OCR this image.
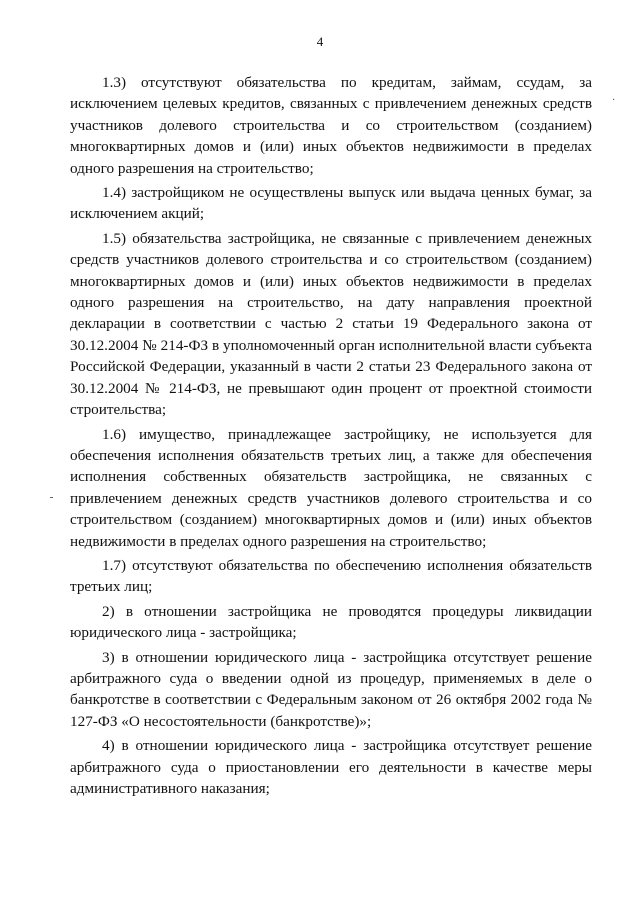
4
·

1.3) отсутствуют обязательства по кредитам, займам, ссудам, за исключением целевых кредитов, связанных с привлечением денежных средств участников долевого строительства и со строительством (созданием) многоквартирных домов и (или) иных объектов недвижимости в пределах одного разрешения на строительство;

1.4) застройщиком не осуществлены выпуск или выдача ценных бумаг, за исключением акций;

1.5) обязательства застройщика, не связанные с привлечением денежных средств участников долевого строительства и со строительством (созданием) многоквартирных домов и (или) иных объектов недвижимости в пределах одного разрешения на строительство, на дату направления проектной декларации в соответствии с частью 2 статьи 19 Федерального закона от 30.12.2004 № 214-ФЗ в уполномоченный орган исполнительной власти субъекта Российской Федерации, указанный в части 2 статьи 23 Федерального закона от 30.12.2004 № 214-ФЗ, не превышают один процент от проектной стоимости строительства;

1.6) имущество, принадлежащее застройщику, не используется для обеспечения исполнения обязательств третьих лиц, а также для обеспечения исполнения собственных обязательств застройщика, не связанных с привлечением денежных средств участников долевого строительства и со строительством (созданием) многоквартирных домов и (или) иных объектов недвижимости в пределах одного разрешения на строительство;

1.7) отсутствуют обязательства по обеспечению исполнения обязательств третьих лиц;

2) в отношении застройщика не проводятся процедуры ликвидации юридического лица - застройщика;

3) в отношении юридического лица - застройщика отсутствует решение арбитражного суда о введении одной из процедур, применяемых в деле о банкротстве в соответствии с Федеральным законом от 26 октября 2002 года № 127-ФЗ «О несостоятельности (банкротстве)»;

4) в отношении юридического лица - застройщика отсутствует решение арбитражного суда о приостановлении его деятельности в качестве меры административного наказания;
